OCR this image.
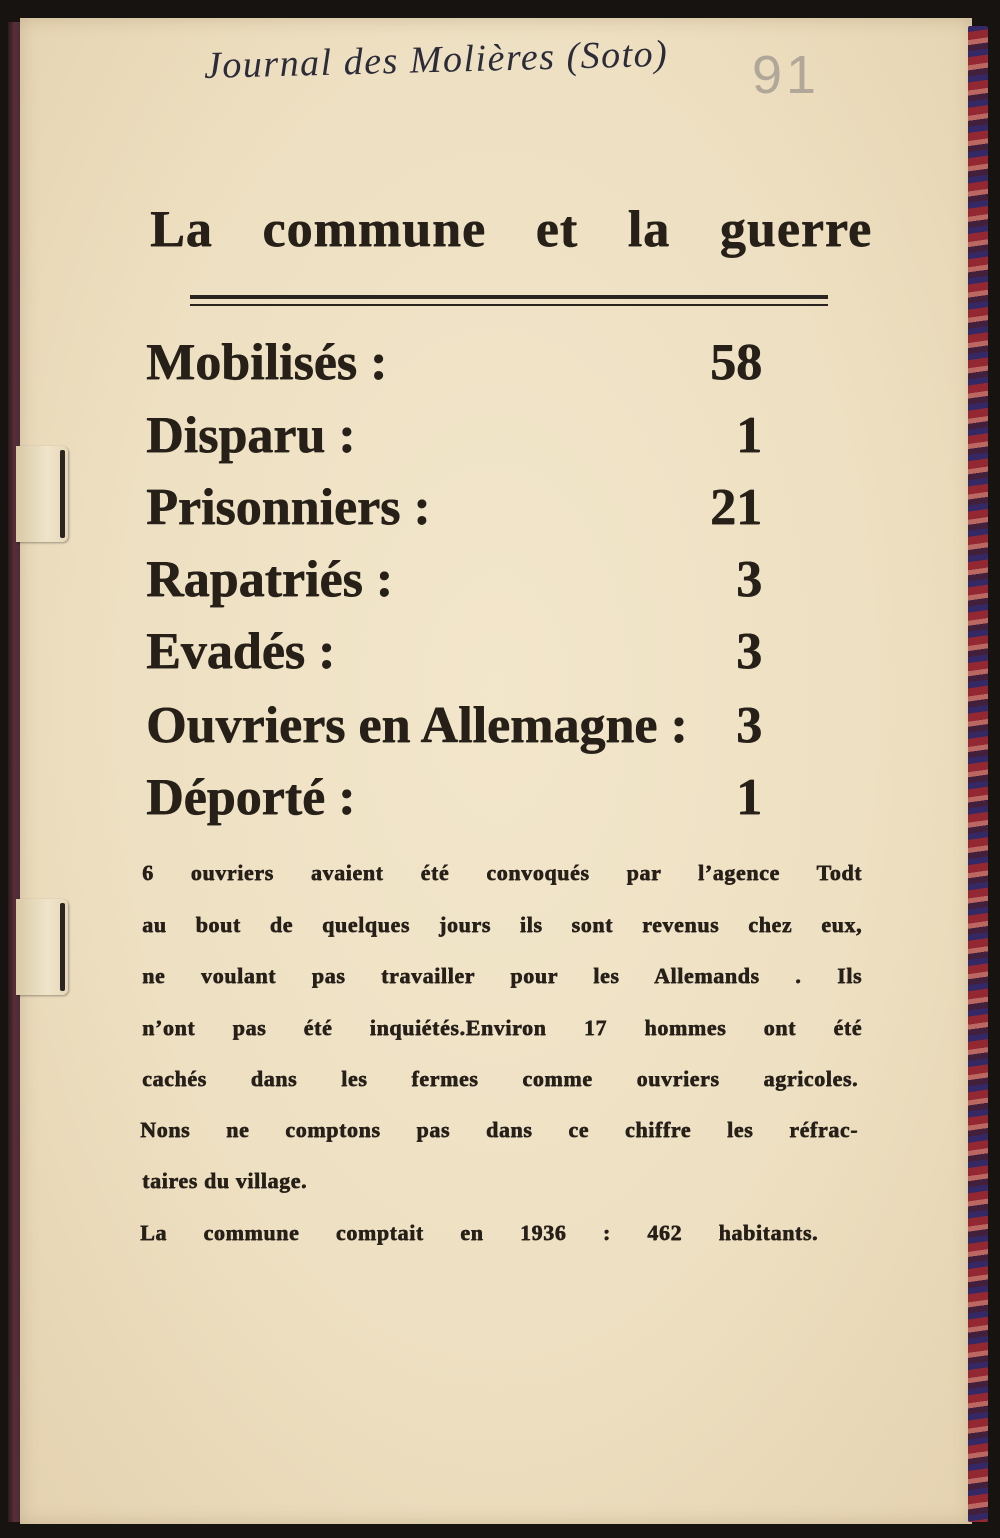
Journal des Molières (Soto) 91
La commune et la guerre
Mobilisés :	58
Disparu :	1
Prisonniers :	21
Rapatriés :	3
Evadés :	3
Ouvriers en Allemagne : 3
Déporté :	1
6 ouvriers avaient été convoqués par l’agence Todt
au bout de quelques jours ils sont revenus chez eux,
ne voulant pas travailler pour les Allemands . Ils
n’ont pas été inquiétés.Environ 17 hommes ont été
cachés dans les fermes comme ouvriers agricoles.
Nons ne comptons pas dans ce chiffre les réfrac-
taires du village.
La commune comptait en 1936 : 462 habitants.
